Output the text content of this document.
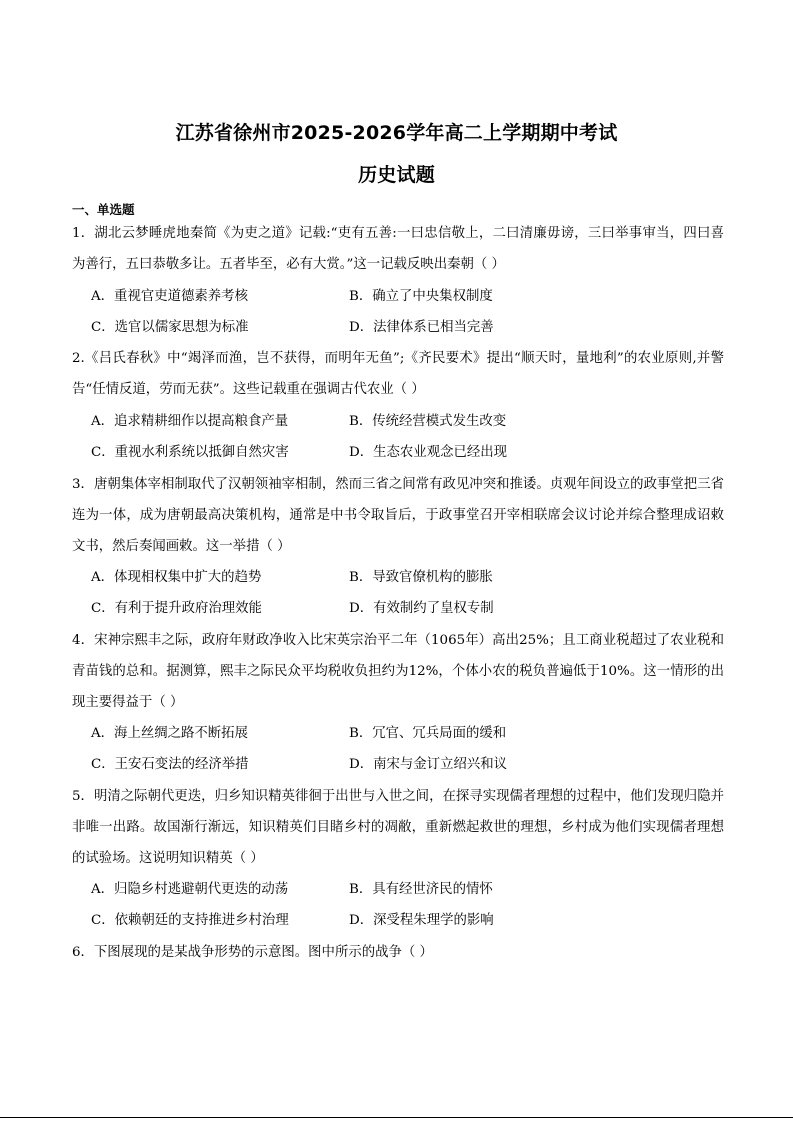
江苏省徐州市2025-2026学年高二上学期期中考试
历史试题
一、单选题
1．湖北云梦睡虎地秦简《为吏之道》记载:“吏有五善:一曰忠信敬上，二曰清廉毋谤，三曰举事审当，四曰喜为善行，五曰恭敬多让。五者毕至，必有大赏。”这一记载反映出秦朝（ ）
A．重视官吏道德素养考核	B．确立了中央集权制度
C．选官以儒家思想为标准	D．法律体系已相当完善
2.《吕氏春秋》中“竭泽而渔，岂不获得，而明年无鱼”;《齐民要术》提出“顺天时，量地利”的农业原则,并警告“任情反道，劳而无获”。这些记载重在强调古代农业（ ）
A．追求精耕细作以提高粮食产量	B．传统经营模式发生改变
C．重视水利系统以抵御自然灾害	D．生态农业观念已经出现
3．唐朝集体宰相制取代了汉朝领袖宰相制，然而三省之间常有政见冲突和推诿。贞观年间设立的政事堂把三省连为一体，成为唐朝最高决策机构，通常是中书令取旨后，于政事堂召开宰相联席会议讨论并综合整理成诏敕文书，然后奏闻画敕。这一举措（ ）
A．体现相权集中扩大的趋势	B．导致官僚机构的膨胀
C．有利于提升政府治理效能	D．有效制约了皇权专制
4．宋神宗熙丰之际，政府年财政净收入比宋英宗治平二年（1065年）高出25%；且工商业税超过了农业税和青苗钱的总和。据测算，熙丰之际民众平均税收负担约为12%，个体小农的税负普遍低于10%。这一情形的出现主要得益于（ ）
A．海上丝绸之路不断拓展	B．冗官、冗兵局面的缓和
C．王安石变法的经济举措	D．南宋与金订立绍兴和议
5．明清之际朝代更迭，归乡知识精英徘徊于出世与入世之间，在探寻实现儒者理想的过程中，他们发现归隐并非唯一出路。故国渐行渐远，知识精英们目睹乡村的凋敝，重新燃起救世的理想，乡村成为他们实现儒者理想的试验场。这说明知识精英（ ）
A．归隐乡村逃避朝代更迭的动荡	B．具有经世济民的情怀
C．依赖朝廷的支持推进乡村治理	D．深受程朱理学的影响
6．下图展现的是某战争形势的示意图。图中所示的战争（ ）
